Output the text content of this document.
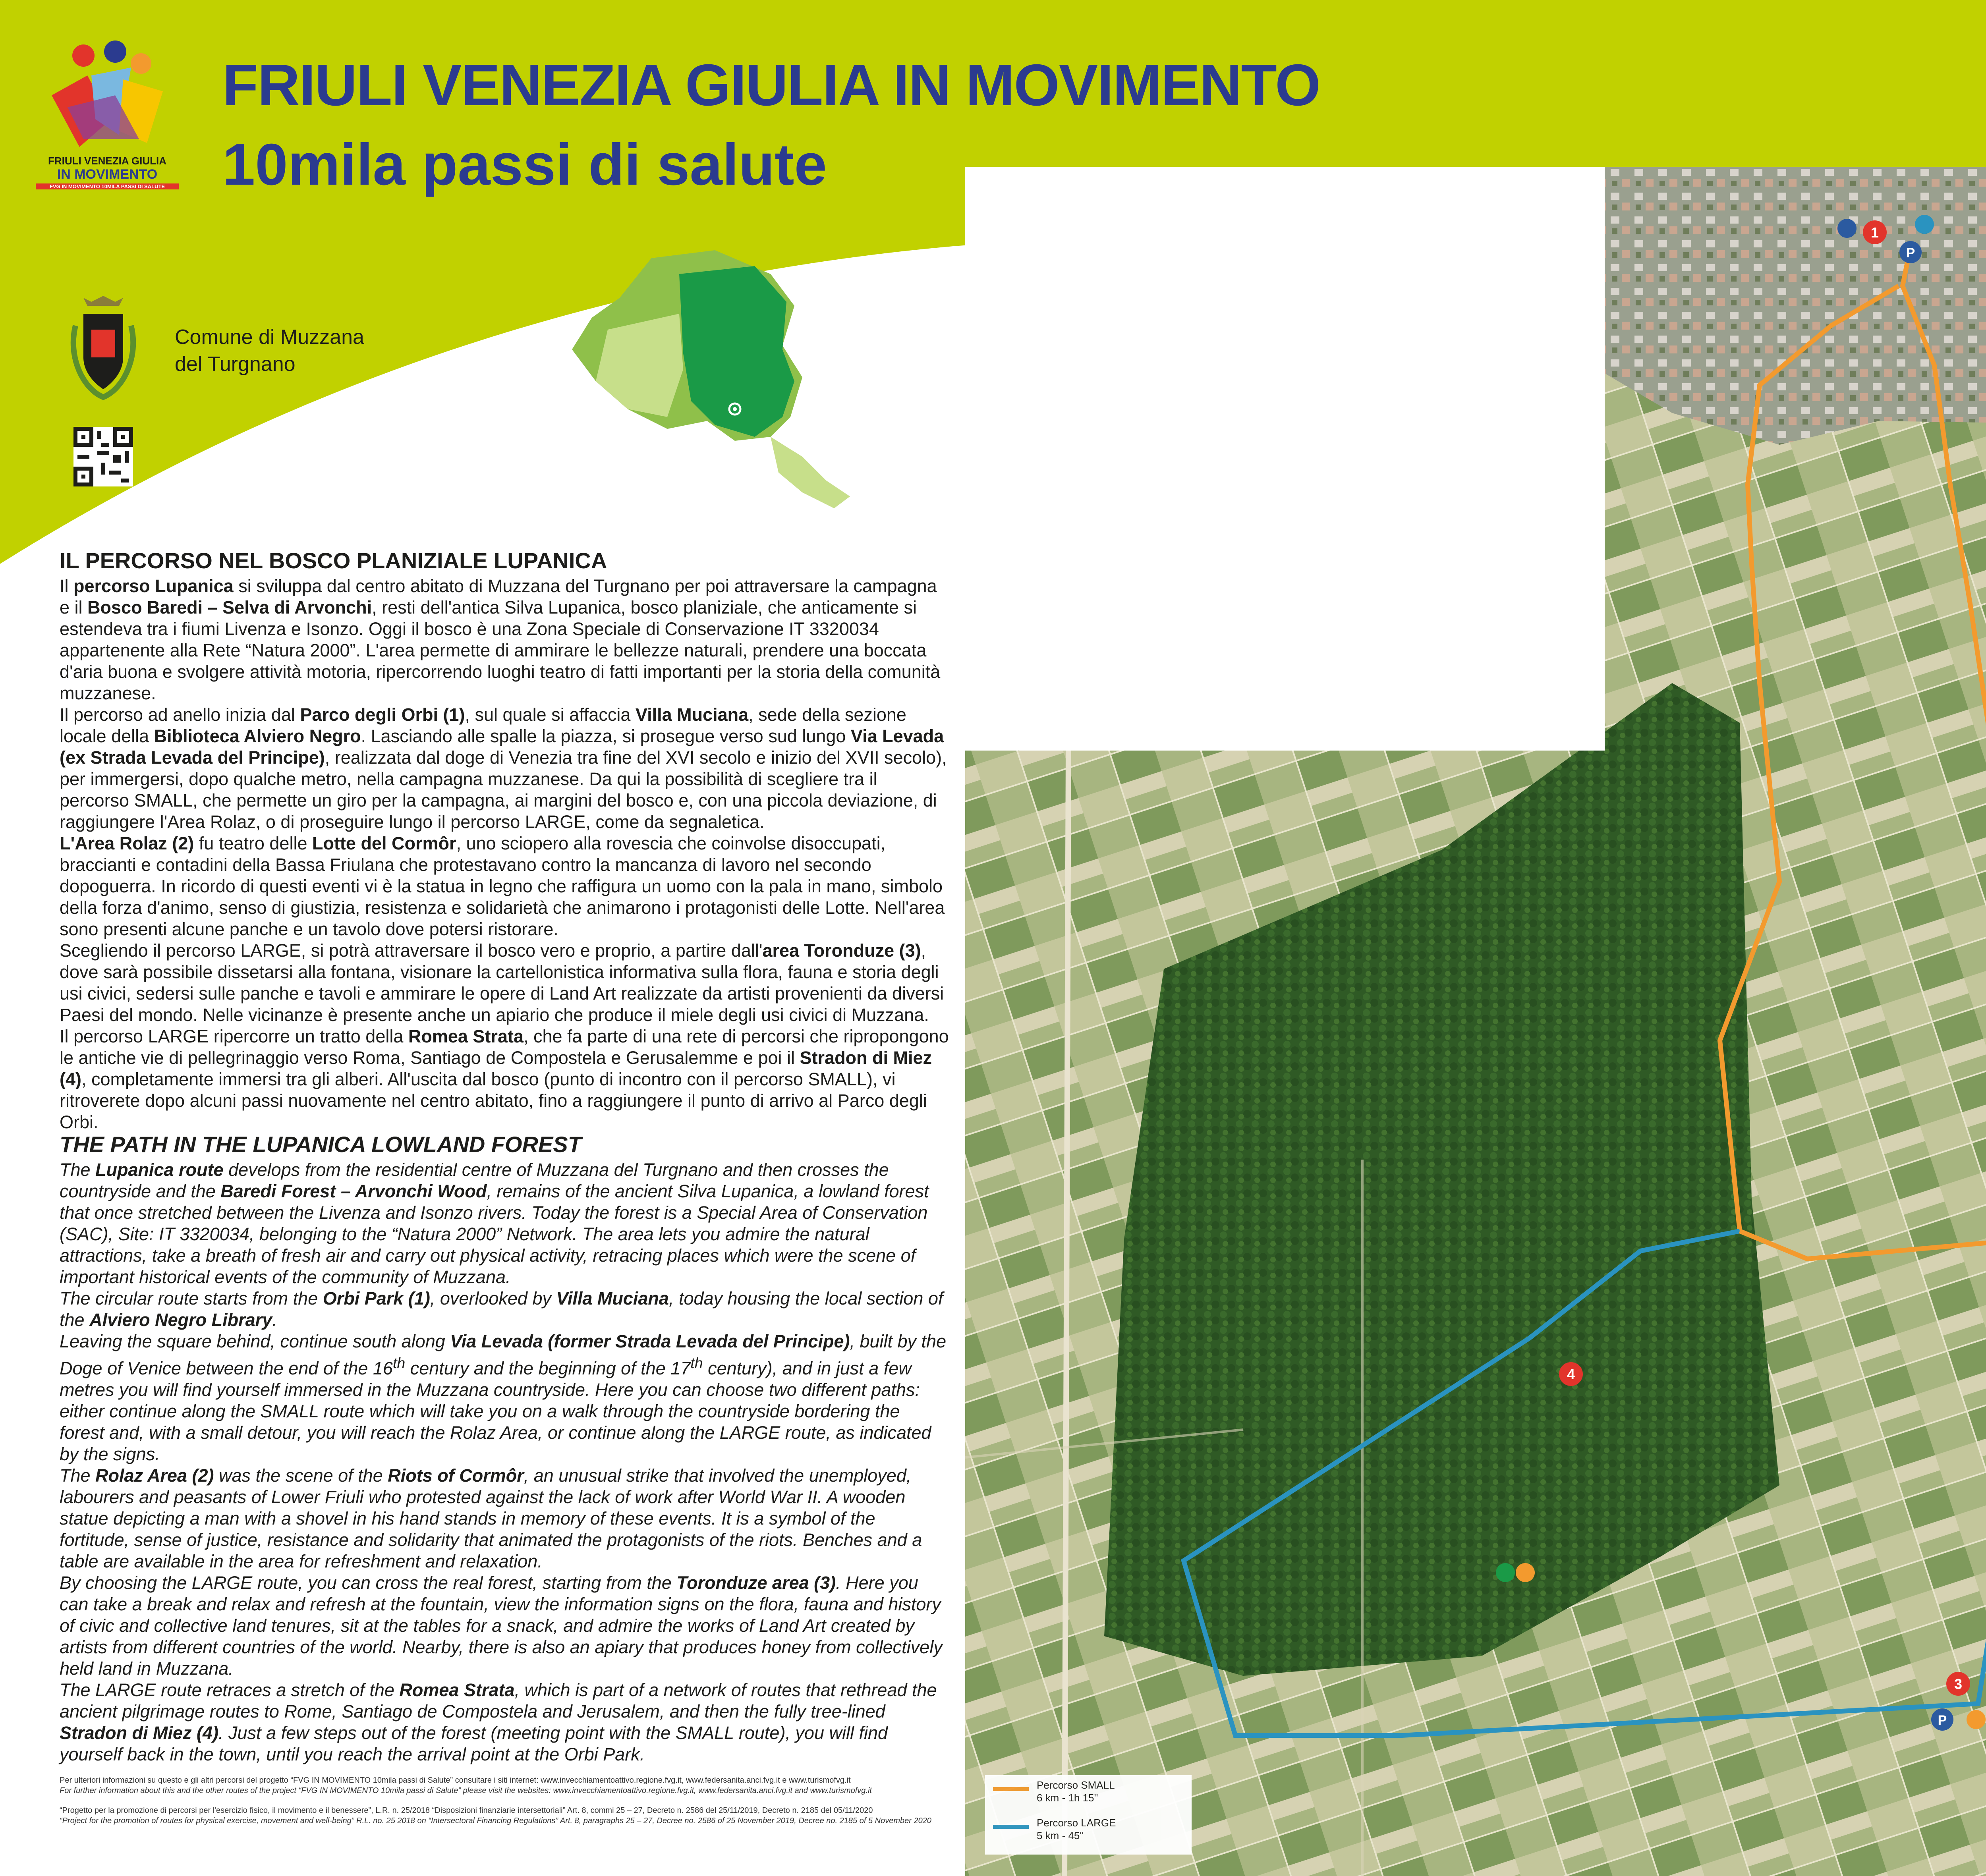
FRIULI VENEZIA GIULIA
IN MOVIMENTO
FVG IN MOVIMENTO 10MILA PASSI DI SALUTE
FRIULI VENEZIA GIULIA IN MOVIMENTO
10mila passi di salute
Comune di Muzzana
del Turgnano
IL PERCORSO NEL BOSCO PLANIZIALE LUPANICA

Il percorso Lupanica si sviluppa dal centro abitato di Muzzana del Turgnano per poi attraversare la campagna e il Bosco Baredi – Selva di Arvonchi, resti dell'antica Silva Lupanica, bosco planiziale, che anticamente si estendeva tra i fiumi Livenza e Isonzo. Oggi il bosco è una Zona Speciale di Conservazione IT 3320034 appartenente alla Rete “Natura 2000”. L'area permette di ammirare le bellezze naturali, prendere una boccata d'aria buona e svolgere attività motoria, ripercorrendo luoghi teatro di fatti importanti per la storia della comunità muzzanese.

Il percorso ad anello inizia dal Parco degli Orbi (1), sul quale si affaccia Villa Muciana, sede della sezione locale della Biblioteca Alviero Negro. Lasciando alle spalle la piazza, si prosegue verso sud lungo Via Levada (ex Strada Levada del Principe), realizzata dal doge di Venezia tra fine del XVI secolo e inizio del XVII secolo), per immergersi, dopo qualche metro, nella campagna muzzanese. Da qui la possibilità di scegliere tra il percorso SMALL, che permette un giro per la campagna, ai margini del bosco e, con una piccola deviazione, di raggiungere l'Area Rolaz, o di proseguire lungo il percorso LARGE, come da segnaletica.

L'Area Rolaz (2) fu teatro delle Lotte del Cormôr, uno sciopero alla rovescia che coinvolse disoccupati, braccianti e contadini della Bassa Friulana che protestavano contro la mancanza di lavoro nel secondo dopoguerra. In ricordo di questi eventi vi è la statua in legno che raffigura un uomo con la pala in mano, simbolo della forza d'animo, senso di giustizia, resistenza e solidarietà che animarono i protagonisti delle Lotte. Nell'area sono presenti alcune panche e un tavolo dove potersi ristorare.

Scegliendo il percorso LARGE, si potrà attraversare il bosco vero e proprio, a partire dall'area Toronduze (3), dove sarà possibile dissetarsi alla fontana, visionare la cartellonistica informativa sulla flora, fauna e storia degli usi civici, sedersi sulle panche e tavoli e ammirare le opere di Land Art realizzate da artisti provenienti da diversi Paesi del mondo. Nelle vicinanze è presente anche un apiario che produce il miele degli usi civici di Muzzana.

Il percorso LARGE ripercorre un tratto della Romea Strata, che fa parte di una rete di percorsi che ripropongono le antiche vie di pellegrinaggio verso Roma, Santiago de Compostela e Gerusalemme e poi il Stradon di Miez (4), completamente immersi tra gli alberi. All'uscita dal bosco (punto di incontro con il percorso SMALL), vi ritroverete dopo alcuni passi nuovamente nel centro abitato, fino a raggiungere il punto di arrivo al Parco degli Orbi.

THE PATH IN THE LUPANICA LOWLAND FOREST

The Lupanica route develops from the residential centre of Muzzana del Turgnano and then crosses the countryside and the Baredi Forest – Arvonchi Wood, remains of the ancient Silva Lupanica, a lowland forest that once stretched between the Livenza and Isonzo rivers. Today the forest is a Special Area of Conservation (SAC), Site: IT 3320034, belonging to the “Natura 2000” Network. The area lets you admire the natural attractions, take a breath of fresh air and carry out physical activity, retracing places which were the scene of important historical events of the community of Muzzana.

The circular route starts from the Orbi Park (1), overlooked by Villa Muciana, today housing the local section of the Alviero Negro Library.

Leaving the square behind, continue south along Via Levada (former Strada Levada del Principe), built by the Doge of Venice between the end of the 16th century and the beginning of the 17th century), and in just a few metres you will find yourself immersed in the Muzzana countryside. Here you can choose two different paths: either continue along the SMALL route which will take you on a walk through the countryside bordering the forest and, with a small detour, you will reach the Rolaz Area, or continue along the LARGE route, as indicated by the signs.

The Rolaz Area (2) was the scene of the Riots of Cormôr, an unusual strike that involved the unemployed, labourers and peasants of Lower Friuli who protested against the lack of work after World War II. A wooden statue depicting a man with a shovel in his hand stands in memory of these events. It is a symbol of the fortitude, sense of justice, resistance and solidarity that animated the protagonists of the riots. Benches and a table are available in the area for refreshment and relaxation.

By choosing the LARGE route, you can cross the real forest, starting from the Toronduze area (3). Here you can take a break and relax and refresh at the fountain, view the information signs on the flora, fauna and history of civic and collective land tenures, sit at the tables for a snack, and admire the works of Land Art created by artists from different countries of the world. Nearby, there is also an apiary that produces honey from collectively held land in Muzzana.

The LARGE route retraces a stretch of the Romea Strata, which is part of a network of routes that rethread the ancient pilgrimage routes to Rome, Santiago de Compostela and Jerusalem, and then the fully tree-lined Stradon di Miez (4). Just a few steps out of the forest (meeting point with the SMALL route), you will find yourself back in the town, until you reach the arrival point at the Orbi Park.

Per ulteriori informazioni su questo e gli altri percorsi del progetto “FVG IN MOVIMENTO 10mila passi di Salute” consultare i siti internet: www.invecchiamentoattivo.regione.fvg.it, www.federsanita.anci.fvg.it e www.turismofvg.it
For further information about this and the other routes of the project “FVG IN MOVIMENTO 10mila passi di Salute” please visit the websites: www.invecchiamentoattivo.regione.fvg.it, www.federsanita.anci.fvg.it and www.turismofvg.it
“Progetto per la promozione di percorsi per l'esercizio fisico, il movimento e il benessere”, L.R. n. 25/2018 “Disposizioni finanziarie intersettoriali” Art. 8, commi 25 – 27, Decreto n. 2586 del 25/11/2019, Decreto n. 2185 del 05/11/2020
“Project for the promotion of routes for physical exercise, movement and well-being” R.L. no. 25 2018 on “Intersectoral Financing Regulations” Art. 8, paragraphs 25 – 27, Decree no. 2586 of 25 November 2019, Decree no. 2185 of 5 November 2020
1
P
3
4
P
Percorso SMALL
6 km - 1h 15''
Percorso LARGE
5 km - 45''
